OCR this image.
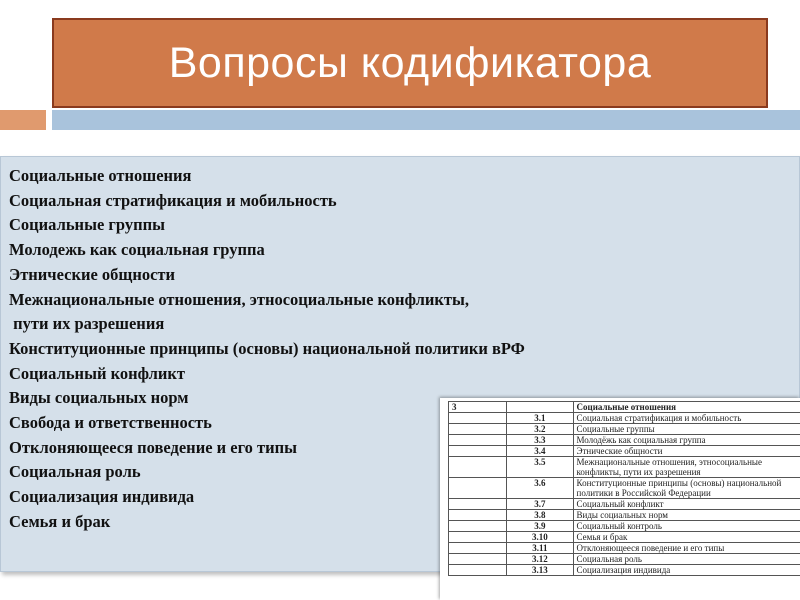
Вопросы кодификатора
Социальные отношения
Социальная стратификация и мобильность
Социальные группы
Молодежь как социальная группа
Этнические общности
Межнациональные отношения, этносоциальные конфликты,
пути их разрешения
Конституционные принципы (основы) национальной политики вРФ
Социальный конфликт
Виды социальных норм
Свобода и ответственность
Отклоняющееся поведение и его типы
Социальная роль
Социализация индивида
Семья и брак
3		Социальные отношения
	3.1	Социальная стратификация и мобильность
	3.2	Социальные группы
	3.3	Молодёжь как социальная группа
	3.4	Этнические общности
	3.5	Межнациональные отношения, этносоциальные конфликты, пути их разрешения
	3.6	Конституционные принципы (основы) национальной политики в Российской Федерации
	3.7	Социальный конфликт
	3.8	Виды социальных норм
	3.9	Социальный контроль
	3.10	Семья и брак
	3.11	Отклоняющееся поведение и его типы
	3.12	Социальная роль
	3.13	Социализация индивида
